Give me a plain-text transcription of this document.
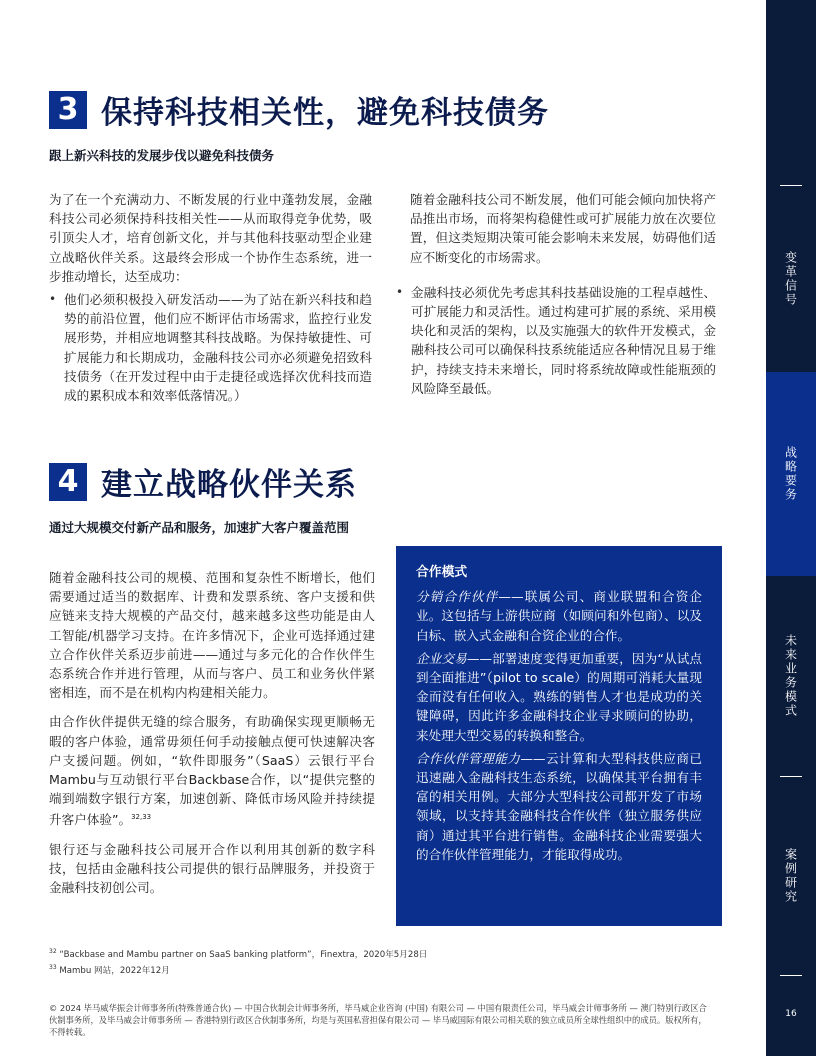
3 保持科技相关性，避免科技债务
跟上新兴科技的发展步伐以避免科技债务

为了在一个充满动力、不断发展的行业中蓬勃发展，金融科技公司必须保持科技相关性——从而取得竞争优势，吸引顶尖人才，培育创新文化，并与其他科技驱动型企业建立战略伙伴关系。这最终会形成一个协作生态系统，进一步推动增长，达至成功：

• 他们必须积极投入研发活动——为了站在新兴科技和趋势的前沿位置，他们应不断评估市场需求，监控行业发展形势，并相应地调整其科技战略。为保持敏捷性、可扩展能力和长期成功，金融科技公司亦必须避免招致科技债务（在开发过程中由于走捷径或选择次优科技而造成的累积成本和效率低落情况。）

随着金融科技公司不断发展，他们可能会倾向加快将产品推出市场，而将架构稳健性或可扩展能力放在次要位置，但这类短期决策可能会影响未来发展，妨碍他们适应不断变化的市场需求。

• 金融科技必须优先考虑其科技基础设施的工程卓越性、可扩展能力和灵活性。通过构建可扩展的系统、采用模块化和灵活的架构，以及实施强大的软件开发模式，金融科技公司可以确保科技系统能适应各种情况且易于维护，持续支持未来增长，同时将系统故障或性能瓶颈的风险降至最低。

4 建立战略伙伴关系
通过大规模交付新产品和服务，加速扩大客户覆盖范围

随着金融科技公司的规模、范围和复杂性不断增长，他们需要通过适当的数据库、计费和发票系统、客户支援和供应链来支持大规模的产品交付，越来越多这些功能是由人工智能/机器学习支持。在许多情况下，企业可选择通过建立合作伙伴关系迈步前进——通过与多元化的合作伙伴生态系统合作并进行管理，从而与客户、员工和业务伙伴紧密相连，而不是在机构内构建相关能力。

由合作伙伴提供无缝的综合服务，有助确保实现更顺畅无暇的客户体验，通常毋须任何手动接触点便可快速解决客户支援问题。例如，“软件即服务”（SaaS）云银行平台Mambu与互动银行平台Backbase合作，以“提供完整的端到端数字银行方案，加速创新、降低市场风险并持续提升客户体验”。$^{32,33}$

银行还与金融科技公司展开合作以利用其创新的数字科技，包括由金融科技公司提供的银行品牌服务，并投资于金融科技初创公司。

合作模式

分销合作伙伴——联属公司、商业联盟和合资企业。这包括与上游供应商（如顾问和外包商）、以及白标、嵌入式金融和合资企业的合作。

企业交易——部署速度变得更加重要，因为“从试点到全面推进”（pilot to scale）的周期可消耗大量现金而没有任何收入。熟练的销售人才也是成功的关键障碍，因此许多金融科技企业寻求顾问的协助，来处理大型交易的转换和整合。

合作伙伴管理能力——云计算和大型科技供应商已迅速融入金融科技生态系统，以确保其平台拥有丰富的相关用例。大部分大型科技公司都开发了市场领域，以支持其金融科技合作伙伴（独立服务供应商）通过其平台进行销售。金融科技企业需要强大的合作伙伴管理能力，才能取得成功。

$^{32}$ “Backbase and Mambu partner on SaaS banking platform”，Finextra，2020年5月28日
$^{33}$ Mambu 网站，2022年12月
© 2024 毕马威华振会计师事务所(特殊普通合伙) — 中国合伙制会计师事务所，毕马威企业咨询 (中国) 有限公司 — 中国有限责任公司，毕马威会计师事务所 — 澳门特别行政区合伙制事务所，及毕马威会计师事务所 — 香港特别行政区合伙制事务所，均是与英国私营担保有限公司 — 毕马威国际有限公司相关联的独立成员所全球性组织中的成员。版权所有，不得转载。
变革信号
战略要务
未来业务模式
案例研究
16
